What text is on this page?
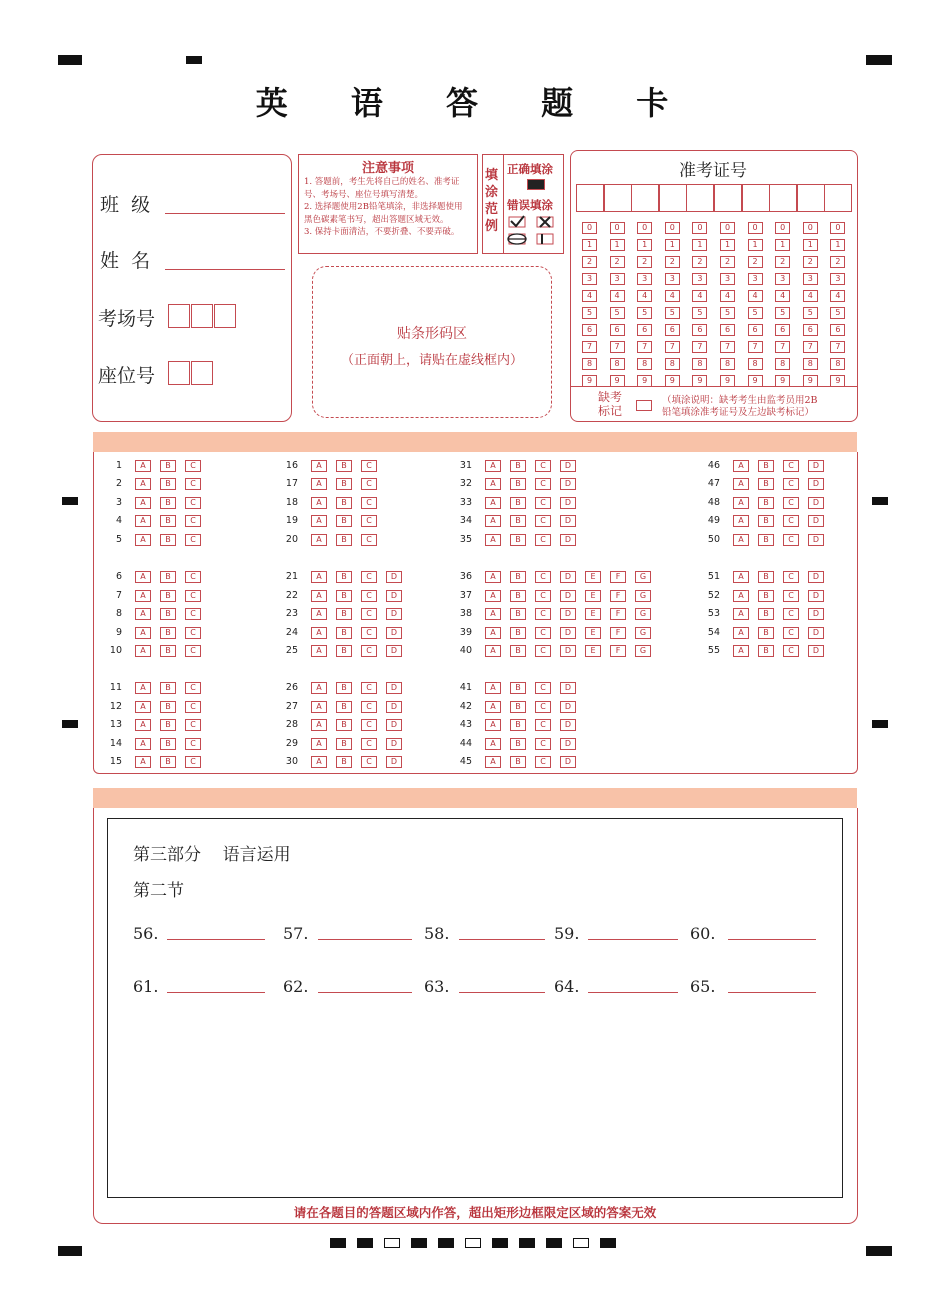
英 语 答 题 卡
班  级
姓  名
考场号
座位号
注意事项
1. 答题前，考生先将自己的姓名、准考证
号、考场号、座位号填写清楚。
2. 选择题使用2B铅笔填涂，非选择题使用
黑色碳素笔书写，超出答题区域无效。
3. 保持卡面清洁，不要折叠、不要弄破。
填涂范例
正确填涂
错误填涂
贴条形码区
（正面朝上，请贴在虚线框内）
准考证号
0	0	0	0	0	0	0	0	0	0
1	1	1	1	1	1	1	1	1	1
2	2	2	2	2	2	2	2	2	2
3	3	3	3	3	3	3	3	3	3
4	4	4	4	4	4	4	4	4	4
5	5	5	5	5	5	5	5	5	5
6	6	6	6	6	6	6	6	6	6
7	7	7	7	7	7	7	7	7	7
8	8	8	8	8	8	8	8	8	8
9	9	9	9	9	9	9	9	9	9
缺考标记
（填涂说明：缺考考生由监考员用2B
铅笔填涂准考证号及左边缺考标记）
1	A	B	C
2	A	B	C
3	A	B	C
4	A	B	C
5	A	B	C
6	A	B	C
7	A	B	C
8	A	B	C
9	A	B	C
10	A	B	C
11	A	B	C
12	A	B	C
13	A	B	C
14	A	B	C
15	A	B	C
16	A	B	C
17	A	B	C
18	A	B	C
19	A	B	C
20	A	B	C
21	A	B	C	D
22	A	B	C	D
23	A	B	C	D
24	A	B	C	D
25	A	B	C	D
26	A	B	C	D
27	A	B	C	D
28	A	B	C	D
29	A	B	C	D
30	A	B	C	D
31	A	B	C	D
32	A	B	C	D
33	A	B	C	D
34	A	B	C	D
35	A	B	C	D
36	A	B	C	D	E	F	G
37	A	B	C	D	E	F	G
38	A	B	C	D	E	F	G
39	A	B	C	D	E	F	G
40	A	B	C	D	E	F	G
41	A	B	C	D
42	A	B	C	D
43	A	B	C	D
44	A	B	C	D
45	A	B	C	D
46	A	B	C	D
47	A	B	C	D
48	A	B	C	D
49	A	B	C	D
50	A	B	C	D
51	A	B	C	D
52	A	B	C	D
53	A	B	C	D
54	A	B	C	D
55	A	B	C	D
第三部分    语言运用
第二节
56.	57.	58.	59.	60.
61.	62.	63.	64.	65.
请在各题目的答题区域内作答，超出矩形边框限定区域的答案无效
